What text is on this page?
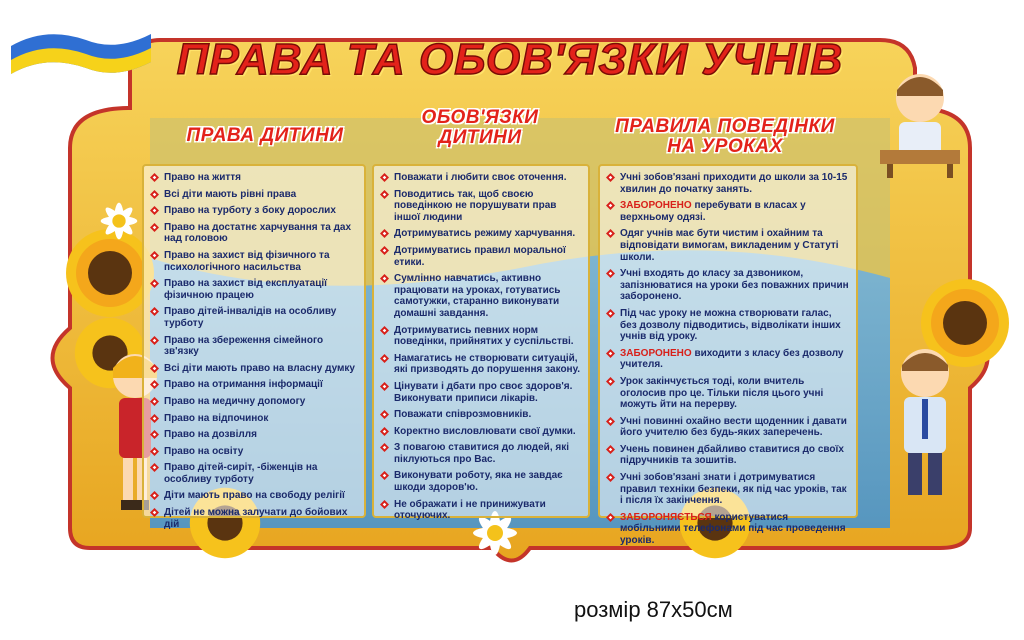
ПРАВА ТА ОБОВ'ЯЗКИ УЧНІВ
ПРАВА ДИТИНИ
ОБОВ'ЯЗКИ
ДИТИНИ
ПРАВИЛА ПОВЕДІНКИ
НА УРОКАХ
Право на життя
Всі діти мають рівні права
Право на турботу з боку дорослих
Право на достатнє харчування та дах над головою
Право на захист від фізичного та психологічного насильства
Право на захист від експлуатації фізичною працею
Право дітей-інвалідів на особливу турботу
Право на збереження сімейного зв'язку
Всі діти мають право на власну думку
Право на отримання інформації
Право на медичну допомогу
Право на відпочинок
Право на дозвілля
Право на освіту
Право дітей-сиріт, -біженців на особливу турботу
Діти мають право на свободу релігії
Дітей не можна залучати до бойових дій
Поважати і любити своє оточення.
Поводитись так, щоб своєю поведінкою не порушувати прав іншої людини
Дотримуватись режиму харчування.
Дотримуватись правил моральної етики.
Сумлінно навчатись, активно працювати на уроках, готуватись самотужки, старанно виконувати домашні завдання.
Дотримуватись певних норм поведінки, прийнятих у суспільстві.
Намагатись не створювати ситуацій, які призводять до порушення закону.
Цінувати і дбати про своє здоров'я. Виконувати приписи лікарів.
Поважати співрозмовників.
Коректно висловлювати свої думки.
З повагою ставитися до людей, які піклуються про Вас.
Виконувати роботу, яка не завдає шкоди здоров'ю.
Не ображати і не принижувати оточуючих.
Учні зобов'язані приходити до школи за 10-15 хвилин до початку занять.
ЗАБОРОНЕНО перебувати в класах у верхньому одязі.
Одяг учнів має бути чистим і охайним та відповідати вимогам, викладеним у Статуті школи.
Учні входять до класу за дзвоником, запізнюватися на уроки без поважних причин заборонено.
Під час уроку не можна створювати галас, без дозволу підводитись, відволікати інших учнів від уроку.
ЗАБОРОНЕНО виходити з класу без дозволу учителя.
Урок закінчується тоді, коли вчитель оголосив про це. Тільки після цього учні можуть йти на перерву.
Учні повинні охайно вести щоденник і давати його учителю без будь-яких заперечень.
Учень повинен дбайливо ставитися до своїх підручників та зошитів.
Учні зобов'язані знати і дотримуватися правил техніки безпеки, як під час уроків, так і після їх закінчення.
ЗАБОРОНЯЄТЬСЯ користуватися мобільними телефонами під час проведення уроків.
розмір 87х50см
